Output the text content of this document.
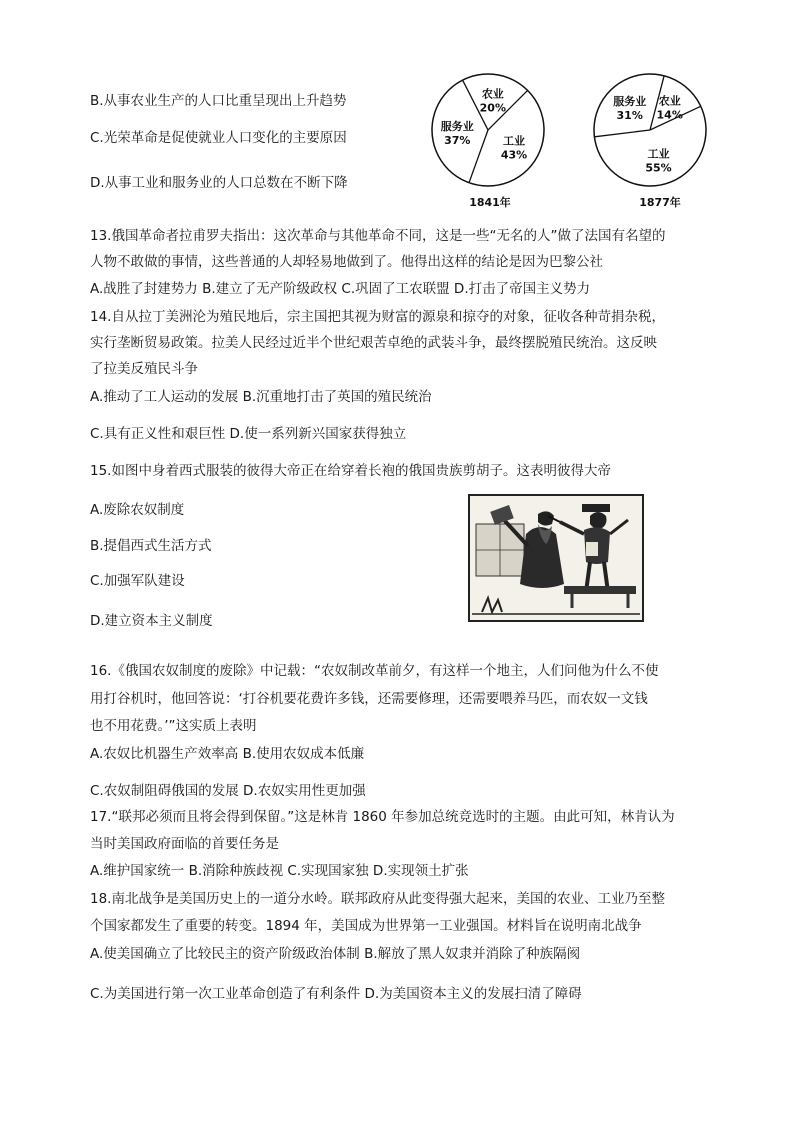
B.从事农业生产的人口比重呈现出上升趋势
C.光荣革命是促使就业人口变化的主要原因
D.从事工业和服务业的人口总数在不断下降
工业
43%
服务业
37%
农业
20%
1841年
工业
55%
服务业
31%
农业
14%
1877年
13.俄国革命者拉甫罗夫指出：这次革命与其他革命不同，这是一些“无名的人”做了法国有名望的
人物不敢做的事情，这些普通的人却轻易地做到了。他得出这样的结论是因为巴黎公社
A.战胜了封建势力 B.建立了无产阶级政权 C.巩固了工农联盟 D.打击了帝国主义势力
14.自从拉丁美洲沦为殖民地后，宗主国把其视为财富的源泉和掠夺的对象，征收各种苛捐杂税，
实行垄断贸易政策。拉美人民经过近半个世纪艰苦卓绝的武装斗争，最终摆脱殖民统治。这反映
了拉美反殖民斗争
A.推动了工人运动的发展 B.沉重地打击了英国的殖民统治
C.具有正义性和艰巨性 D.使一系列新兴国家获得独立
15.如图中身着西式服装的彼得大帝正在给穿着长袍的俄国贵族剪胡子。这表明彼得大帝
A.废除农奴制度
B.提倡西式生活方式
C.加强军队建设
D.建立资本主义制度
16.《俄国农奴制度的废除》中记载：“农奴制改革前夕，有这样一个地主，人们问他为什么不使
用打谷机时，他回答说：‘打谷机要花费许多钱，还需要修理，还需要喂养马匹，而农奴一文钱
也不用花费。’”这实质上表明
A.农奴比机器生产效率高 B.使用农奴成本低廉
C.农奴制阻碍俄国的发展 D.农奴实用性更加强
17.“联邦必须而且将会得到保留。”这是林肯 1860 年参加总统竞选时的主题。由此可知，林肯认为
当时美国政府面临的首要任务是
A.维护国家统一 B.消除种族歧视 C.实现国家独 D.实现领土扩张
18.南北战争是美国历史上的一道分水岭。联邦政府从此变得强大起来，美国的农业、工业乃至整
个国家都发生了重要的转变。1894 年，美国成为世界第一工业强国。材料旨在说明南北战争
A.使美国确立了比较民主的资产阶级政治体制 B.解放了黑人奴隶并消除了种族隔阂
C.为美国进行第一次工业革命创造了有利条件 D.为美国资本主义的发展扫清了障碍
